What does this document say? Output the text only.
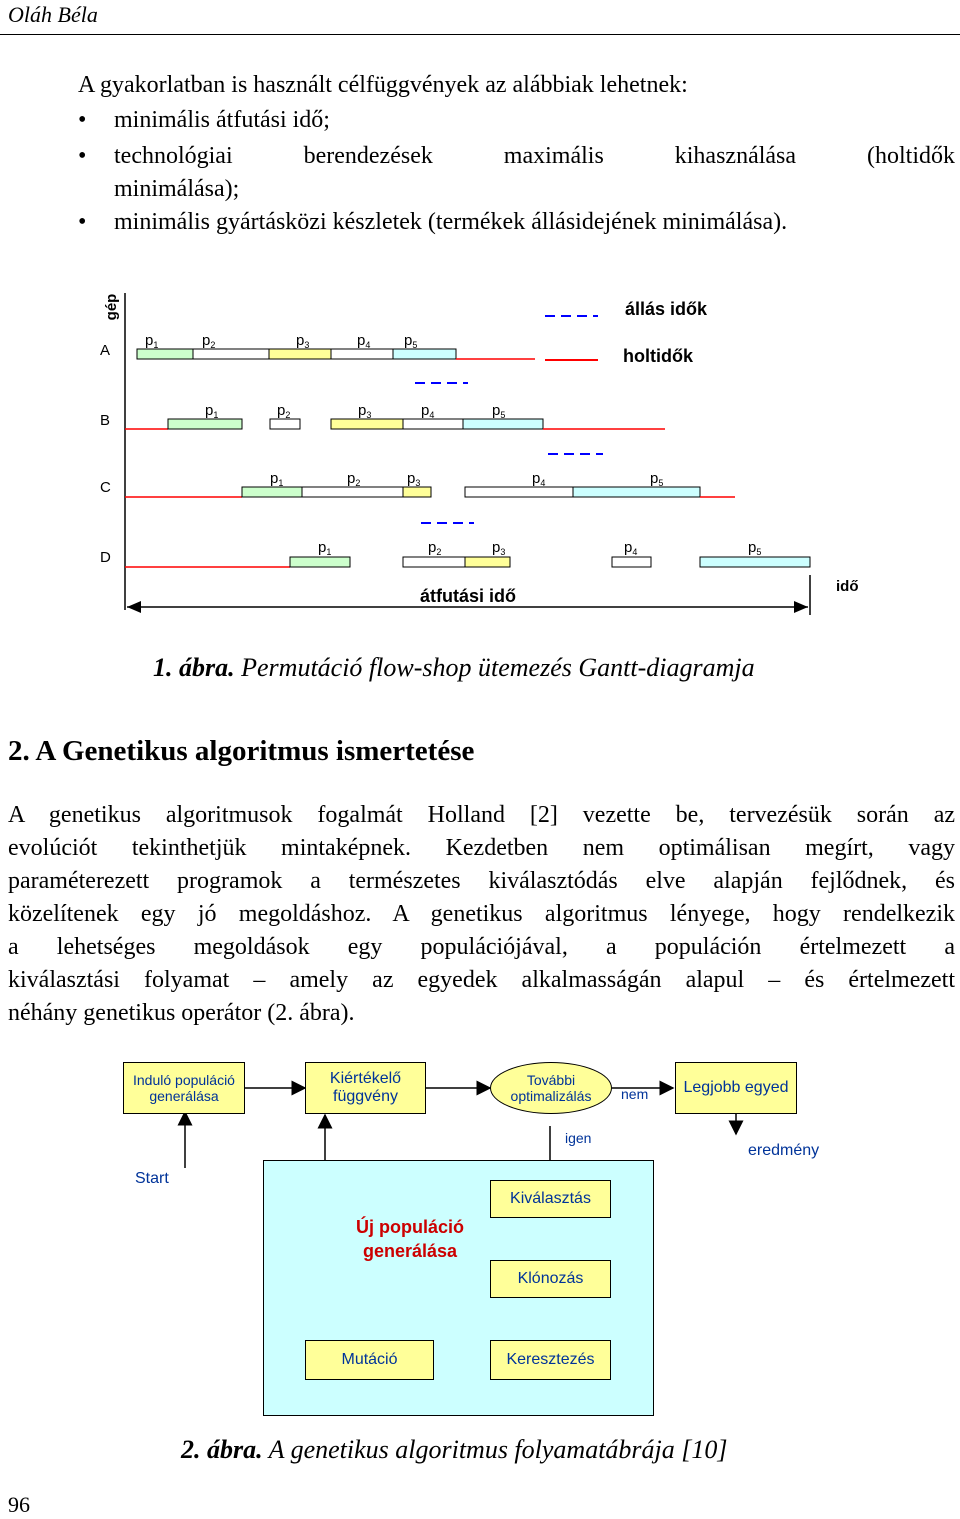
Oláh Béla
A gyakorlatban is használt célfüggvények az alábbiak lehetnek:
• minimális átfutási idő;
• technológiai berendezések maximális kihasználása (holtidők
minimálása);
• minimális gyártásközi készletek (termékek állásidejének minimálása).
gép	állás idők
holtidők
A
$p_1$	$p_2$	$p_3$	$p_4$ $p_5$
B
$p_1$	$p_2$	$p_3$	$p_4$	$p_5$
C
$p_1$	$p_2$	$p_3$	$p_4$	$p_5$
D
$p_1$	$p_2$	$p_3$	$p_4$	$p_5$
átfutási idő	idő
1. ábra. Permutáció flow-shop ütemezés Gantt-diagramja
2. A Genetikus algoritmus ismertetése
A genetikus algoritmusok fogalmát Holland [2] vezette be, tervezésük során az
evolúciót tekinthetjük mintaképnek. Kezdetben nem optimálisan megírt, vagy
paraméterezett programok a természetes kiválasztódás elve alapján fejlődnek, és
közelítenek egy jó megoldáshoz. A genetikus algoritmus lényege, hogy rendelkezik
a lehetséges megoldások egy populációjával, a populáción értelmezett a
kiválasztási folyamat – amely az egyedek alkalmasságán alapul – és értelmezett
néhány genetikus operátor (2. ábra).
Induló populáció generálása
Kiértékelő függvény
További optimalizálás	nem	Legjobb egyed
igen
eredmény
Start
Új populáció generálása
Kiválasztás
Klónozás
Mutáció	Keresztezés
2. ábra. A genetikus algoritmus folyamatábrája [10]
96
